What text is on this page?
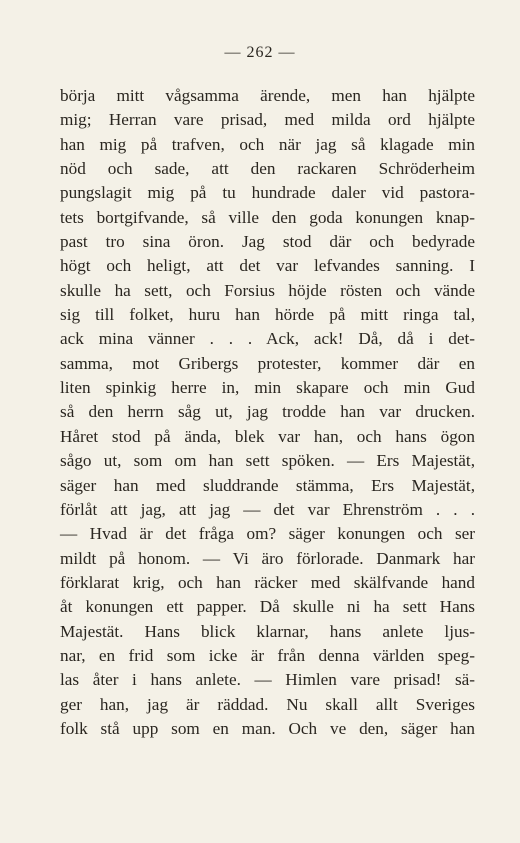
— 262 —
börja mitt vågsamma ärende, men han hjälpte
mig; Herran vare prisad, med milda ord hjälpte
han mig på trafven, och när jag så klagade min
nöd och sade, att den rackaren Schröderheim
pungslagit mig på tu hundrade daler vid pastora-
tets bortgifvande, så ville den goda konungen knap-
past tro sina öron. Jag stod där och bedyrade
högt och heligt, att det var lefvandes sanning. I
skulle ha sett, och Forsius höjde rösten och vände
sig till folket, huru han hörde på mitt ringa tal,
ack mina vänner . . . Ack, ack! Då, då i det-
samma, mot Gribergs protester, kommer där en
liten spinkig herre in, min skapare och min Gud
så den herrn såg ut, jag trodde han var drucken.
Håret stod på ända, blek var han, och hans ögon
sågo ut, som om han sett spöken. — Ers Majestät,
säger han med sluddrande stämma, Ers Majestät,
förlåt att jag, att jag — det var Ehrenström . . .
— Hvad är det fråga om? säger konungen och ser
mildt på honom. — Vi äro förlorade. Danmark har
förklarat krig, och han räcker med skälfvande hand
åt konungen ett papper. Då skulle ni ha sett Hans
Majestät. Hans blick klarnar, hans anlete ljus-
nar, en frid som icke är från denna världen speg-
las åter i hans anlete. — Himlen vare prisad! sä-
ger han, jag är räddad. Nu skall allt Sveriges
folk stå upp som en man. Och ve den, säger han
